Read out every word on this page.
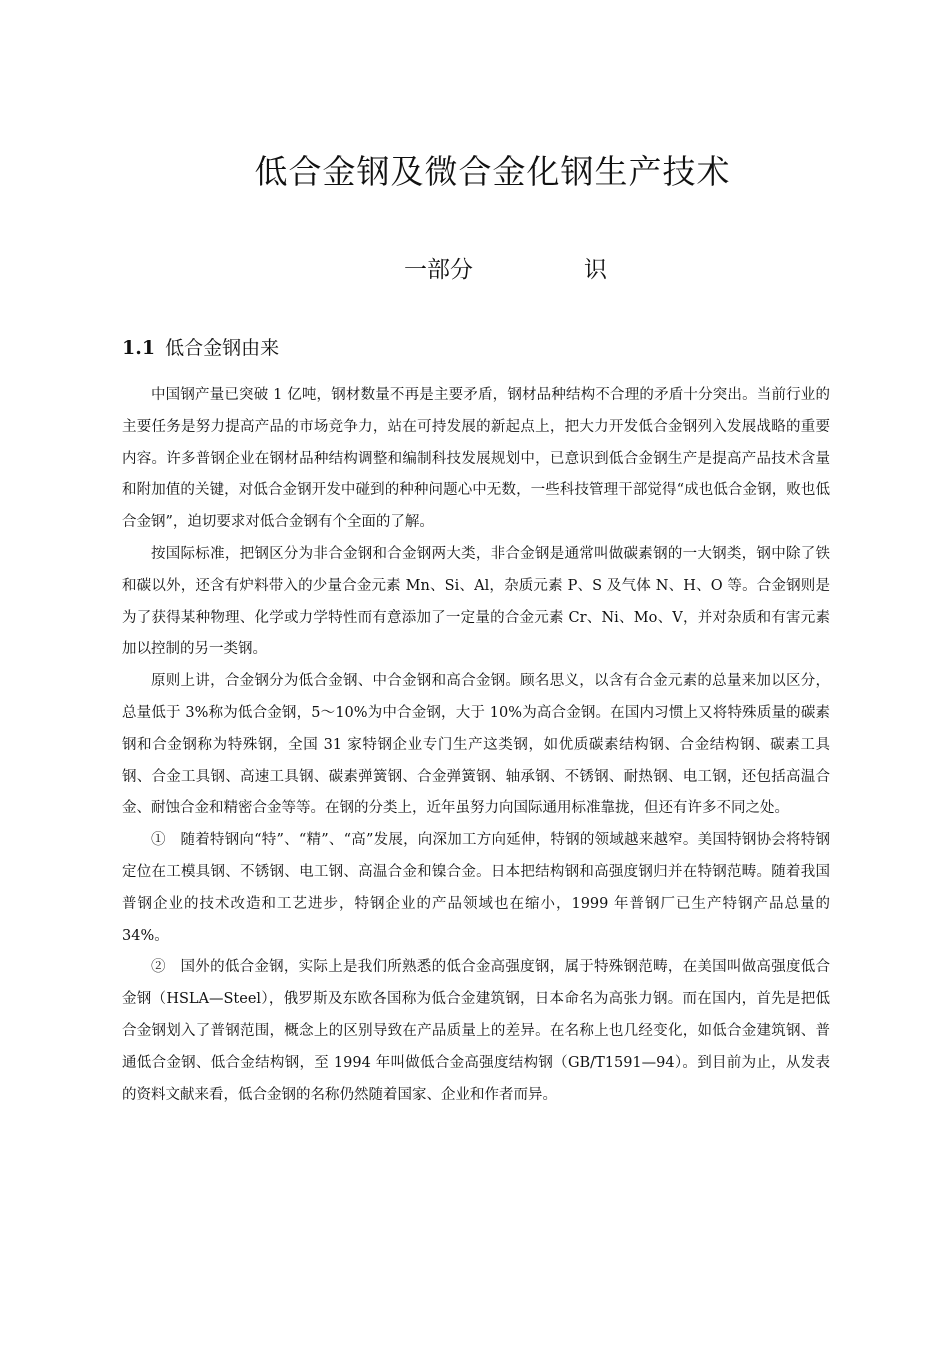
低合金钢及微合金化钢生产技术
一部分	识
1.1 低合金钢由来

中国钢产量已突破 1 亿吨，钢材数量不再是主要矛盾，钢材品种结构不合理的矛盾十分突出。当前行业的主要任务是努力提高产品的市场竞争力，站在可持发展的新起点上，把大力开发低合金钢列入发展战略的重要内容。许多普钢企业在钢材品种结构调整和编制科技发展规划中，已意识到低合金钢生产是提高产品技术含量和附加值的关键，对低合金钢开发中碰到的种种问题心中无数，一些科技管理干部觉得“成也低合金钢，败也低合金钢”，迫切要求对低合金钢有个全面的了解。

按国际标准，把钢区分为非合金钢和合金钢两大类，非合金钢是通常叫做碳素钢的一大钢类，钢中除了铁和碳以外，还含有炉料带入的少量合金元素 Mn、Si、Al，杂质元素 P、S 及气体 N、H、O 等。合金钢则是为了获得某种物理、化学或力学特性而有意添加了一定量的合金元素 Cr、Ni、Mo、V，并对杂质和有害元素加以控制的另一类钢。

原则上讲，合金钢分为低合金钢、中合金钢和高合金钢。顾名思义，以含有合金元素的总量来加以区分，总量低于 3%称为低合金钢，5～10%为中合金钢，大于 10%为高合金钢。在国内习惯上又将特殊质量的碳素钢和合金钢称为特殊钢，全国 31 家特钢企业专门生产这类钢，如优质碳素结构钢、合金结构钢、碳素工具钢、合金工具钢、高速工具钢、碳素弹簧钢、合金弹簧钢、轴承钢、不锈钢、耐热钢、电工钢，还包括高温合金、耐蚀合金和精密合金等等。在钢的分类上，近年虽努力向国际通用标准靠拢，但还有许多不同之处。

①　随着特钢向“特”、“精”、“高”发展，向深加工方向延伸，特钢的领域越来越窄。美国特钢协会将特钢定位在工模具钢、不锈钢、电工钢、高温合金和镍合金。日本把结构钢和高强度钢归并在特钢范畴。随着我国普钢企业的技术改造和工艺进步，特钢企业的产品领域也在缩小，1999 年普钢厂已生产特钢产品总量的 34%。

②　国外的低合金钢，实际上是我们所熟悉的低合金高强度钢，属于特殊钢范畴，在美国叫做高强度低合金钢（HSLA—Steel），俄罗斯及东欧各国称为低合金建筑钢，日本命名为高张力钢。而在国内，首先是把低合金钢划入了普钢范围，概念上的区别导致在产品质量上的差异。在名称上也几经变化，如低合金建筑钢、普通低合金钢、低合金结构钢，至 1994 年叫做低合金高强度结构钢（GB/T1591—94）。到目前为止，从发表的资料文献来看，低合金钢的名称仍然随着国家、企业和作者而异。
